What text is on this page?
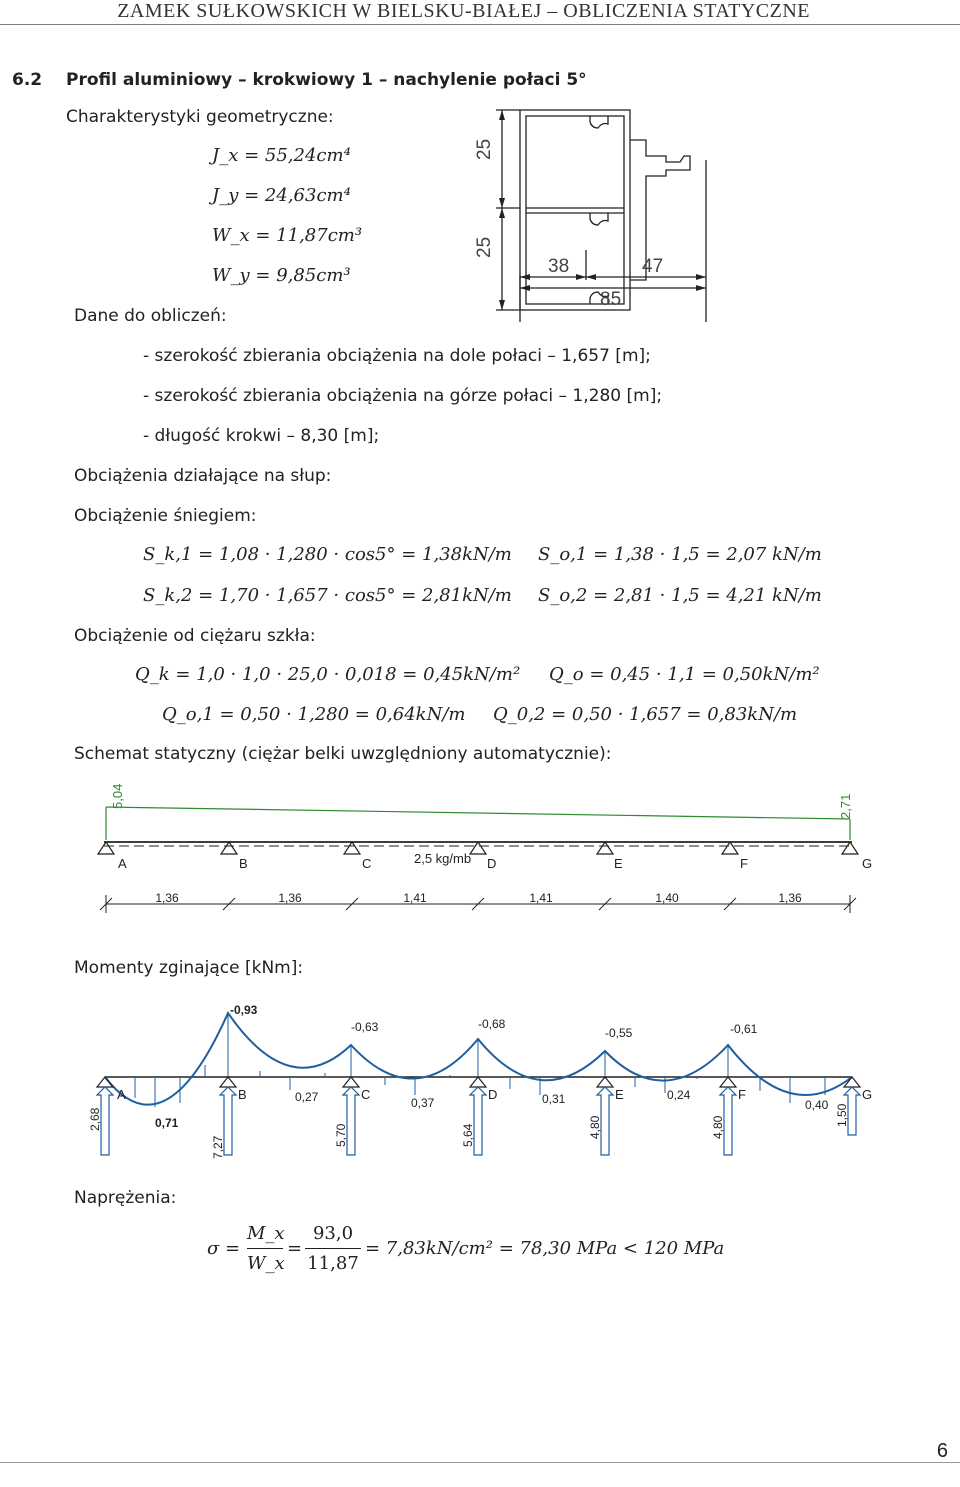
ZAMEK SUŁKOWSKICH W BIELSKU-BIAŁEJ – OBLICZENIA STATYCZNE
6.2 Profil aluminiowy – krokwiowy 1 – nachylenie połaci 5°
Charakterystyki geometryczne:
J_x = 55,24cm⁴
J_y = 24,63cm⁴
W_x = 11,87cm³
W_y = 9,85cm³
25
25
38	47
85
Dane do obliczeń:
- szerokość zbierania obciążenia na dole połaci – 1,657 [m];
- szerokość zbierania obciążenia na górze połaci – 1,280 [m];
- długość krokwi – 8,30 [m];
Obciążenia działające na słup:
Obciążenie śniegiem:
S_k,1 = 1,08 · 1,280 · cos5° = 1,38kN/m S_o,1 = 1,38 · 1,5 = 2,07 kN/m
S_k,2 = 1,70 · 1,657 · cos5° = 2,81kN/m S_o,2 = 2,81 · 1,5 = 4,21 kN/m
Obciążenie od ciężaru szkła:
Q_k = 1,0 · 1,0 · 25,0 · 0,018 = 0,45kN/m² Q_o = 0,45 · 1,1 = 0,50kN/m²
Q_o,1 = 0,50 · 1,280 = 0,64kN/m Q_0,2 = 0,50 · 1,657 = 0,83kN/m
Schemat statyczny (ciężar belki uwzględniony automatycznie):
5,04	2,71
A	B	C	D	E	F	G
2,5 kg/mb
1,36	1,36	1,41	1,41	1,40	1,36
Momenty zginające [kNm]:
-0,93
-0,63	-0,68
-0,55	-0,61
0,71
0,27	0,37	0,31	0,24
0,40
A	B	C	D	E	F	G
2,68
7,27
5,70	5,64	4,80	4,80
1,50
Naprężenia:
σ =
M_x
W_x
=
93,0
11,87
= 7,83kN/cm² = 78,30 MPa < 120 MPa
6
